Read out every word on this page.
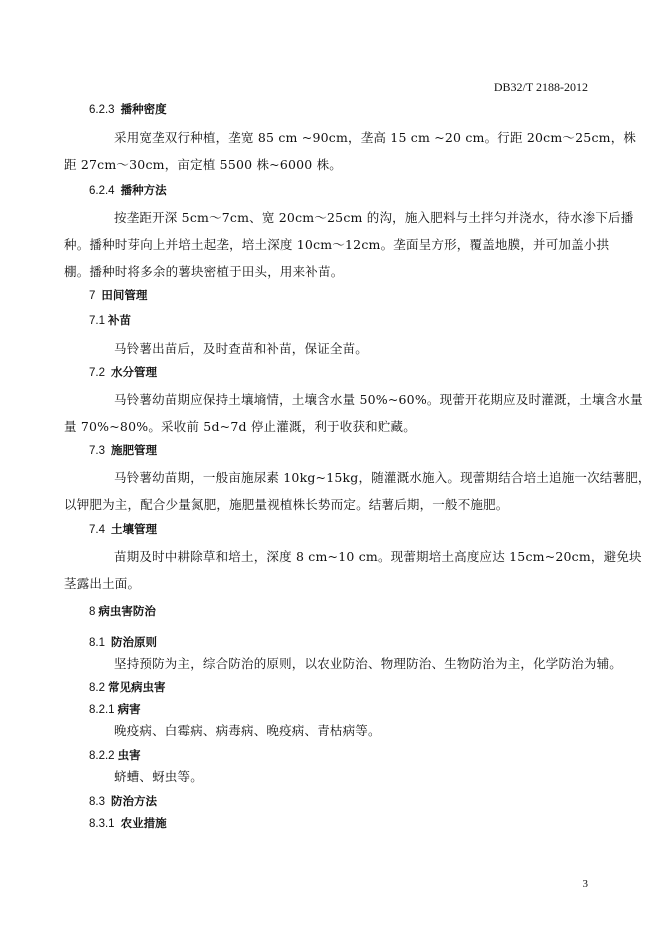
DB32/T 2188-2012
6.2.3 播种密度
采用宽垄双行种植，垄宽 85 cm ~90cm，垄高 15 cm ~20 cm。行距 20cm～25cm，株
距 27cm～30cm，亩定植 5500 株~6000 株。
6.2.4 播种方法
按垄距开深 5cm～7cm、宽 20cm～25cm 的沟，施入肥料与土拌匀并浇水，待水渗下后播
种。播种时芽向上并培土起垄，培土深度 10cm～12cm。垄面呈方形，覆盖地膜，并可加盖小拱
棚。播种时将多余的薯块密植于田头，用来补苗。
7 田间管理
7.1 补苗
马铃薯出苗后，及时查苗和补苗，保证全苗。
7.2 水分管理
马铃薯幼苗期应保持土壤墒情，土壤含水量 50%~60%。现蕾开花期应及时灌溉，土壤含水量
量 70%~80%。采收前 5d~7d 停止灌溉，利于收获和贮藏。
7.3 施肥管理
马铃薯幼苗期，一般亩施尿素 10kg~15kg，随灌溉水施入。现蕾期结合培土追施一次结薯肥，
以钾肥为主，配合少量氮肥，施肥量视植株长势而定。结薯后期，一般不施肥。
7.4 土壤管理
苗期及时中耕除草和培土，深度 8 cm~10 cm。现蕾期培土高度应达 15cm~20cm，避免块
茎露出土面。
8 病虫害防治
8.1 防治原则
坚持预防为主，综合防治的原则，以农业防治、物理防治、生物防治为主，化学防治为辅。
8.2 常见病虫害
8.2.1 病害
晚疫病、白霉病、病毒病、晚疫病、青枯病等。
8.2.2 虫害
蛴螬、蚜虫等。
8.3 防治方法
8.3.1 农业措施
3
